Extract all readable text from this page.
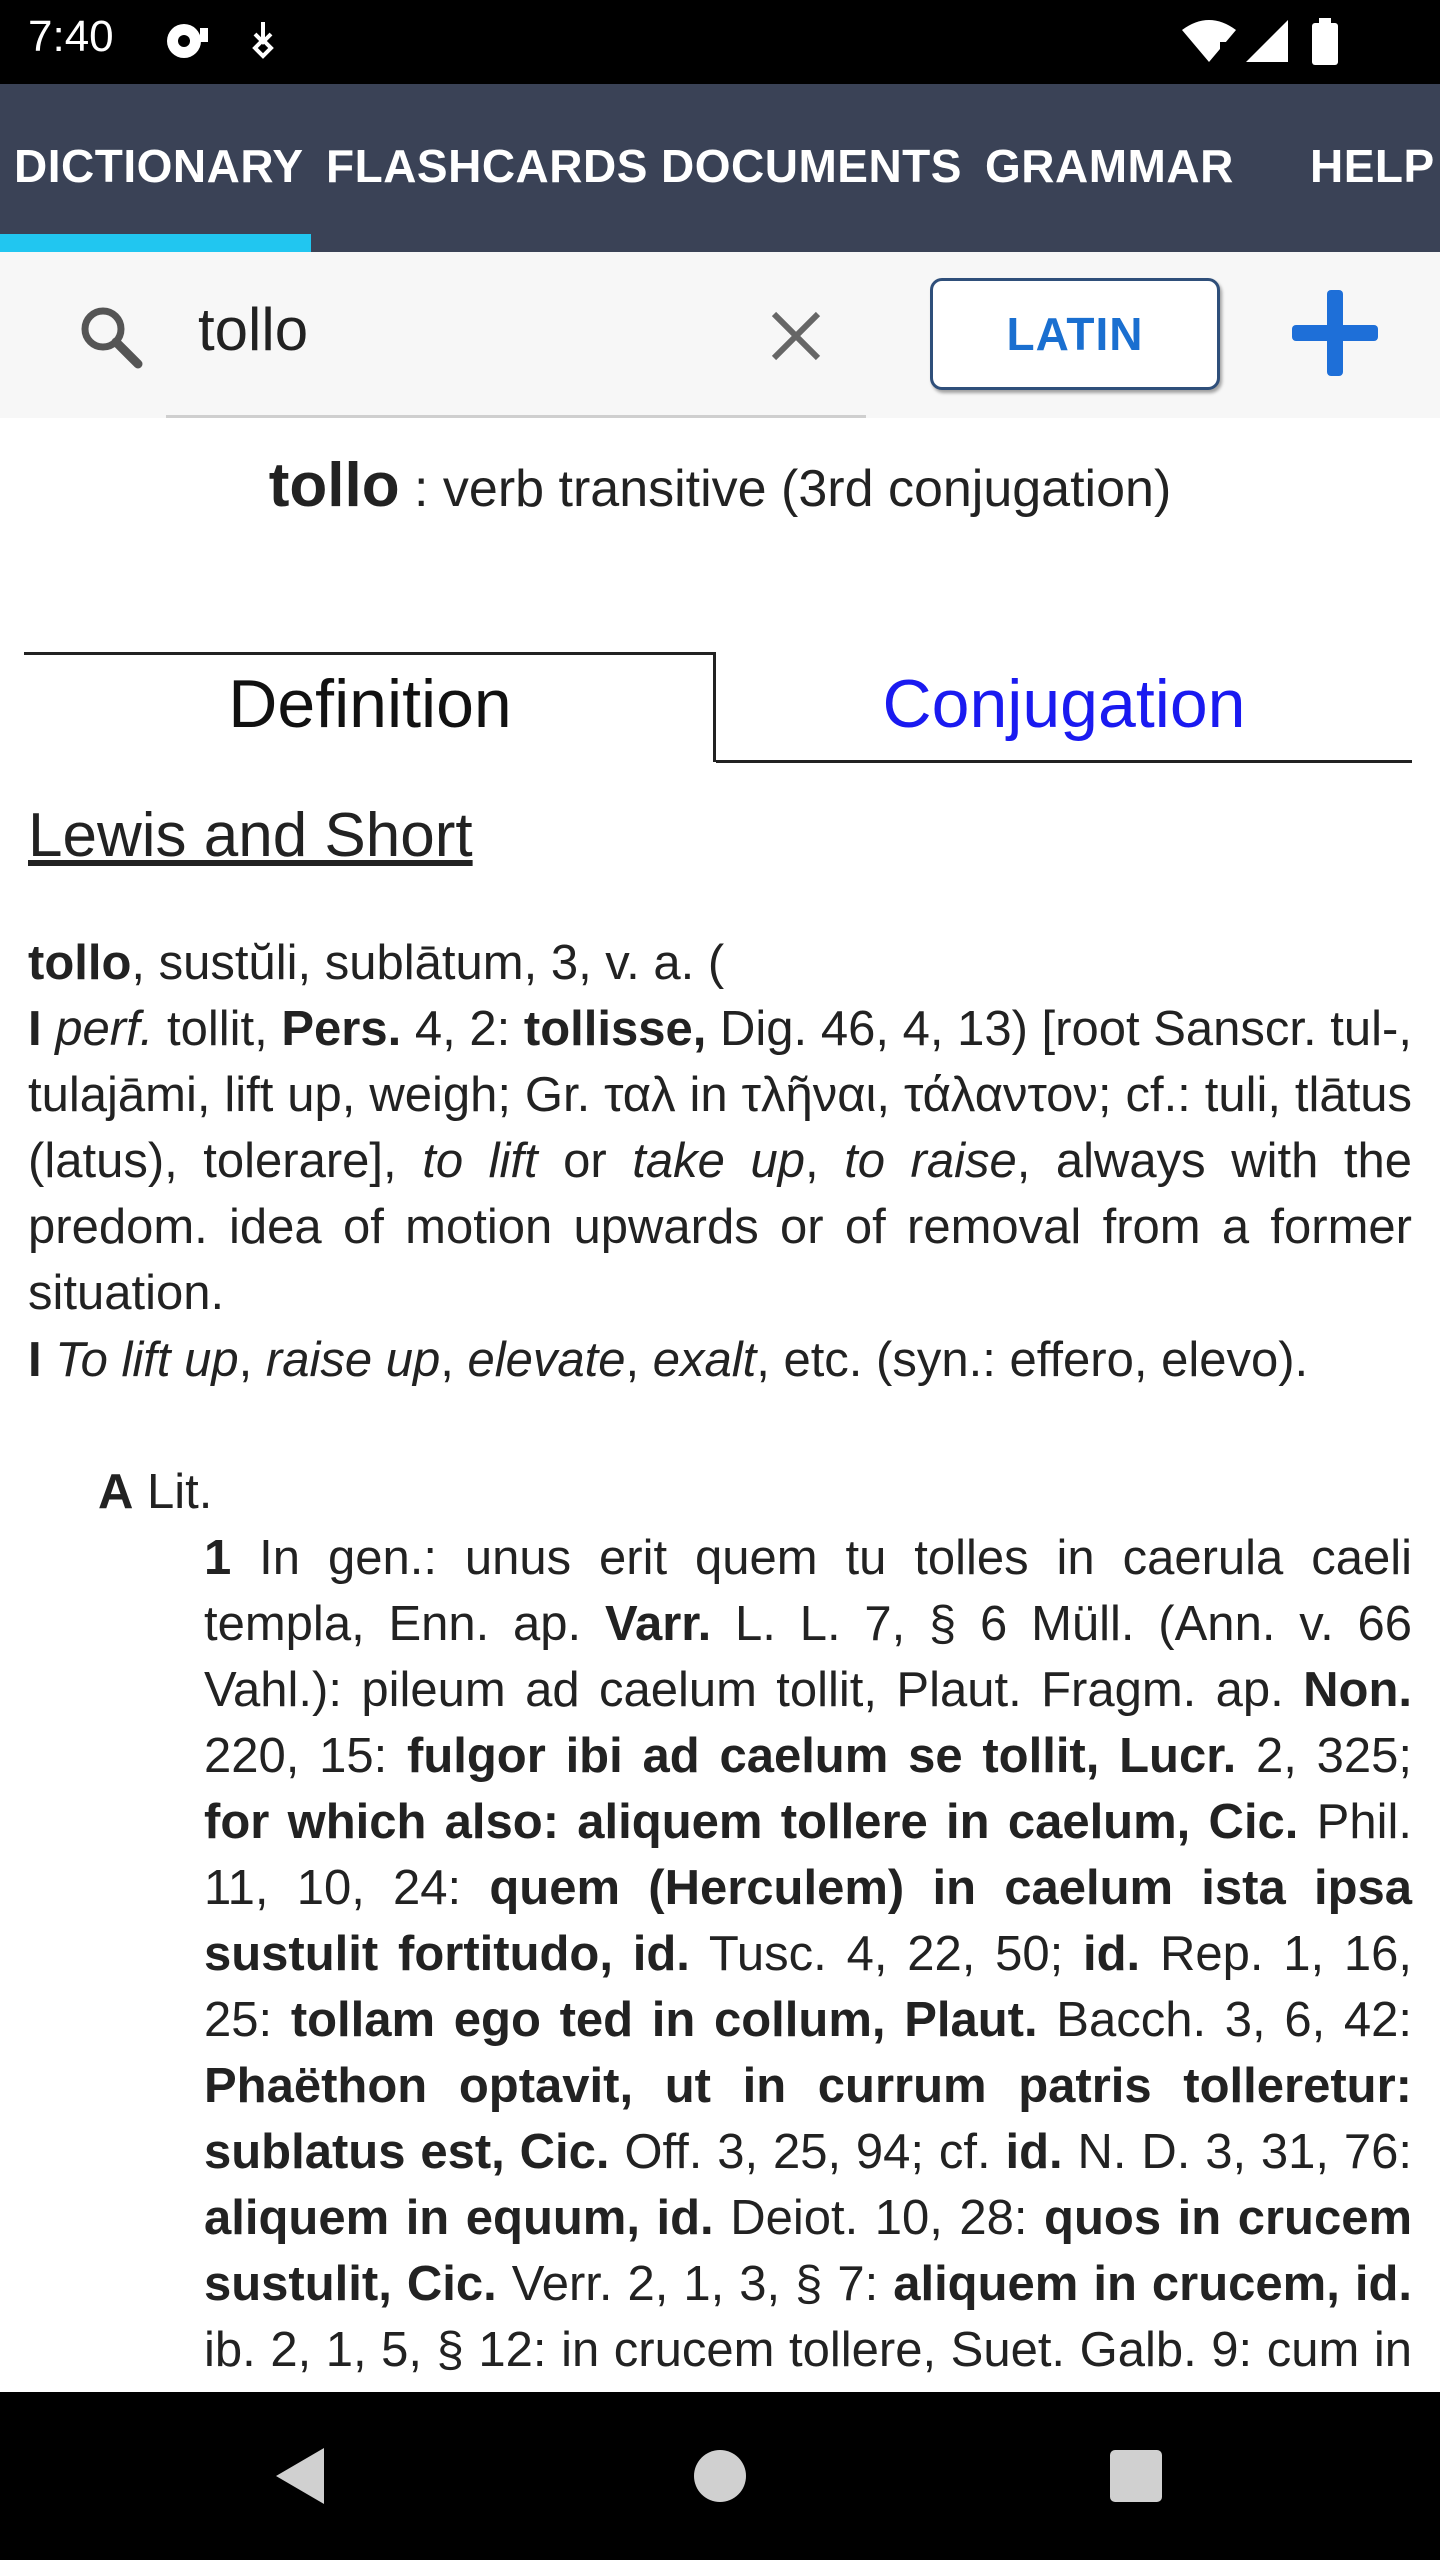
7:40
DICTIONARY FLASHCARDS DOCUMENTS GRAMMAR HELP
tollo
LATIN
tollo : verb transitive (3rd conjugation)
Definition	Conjugation
Lewis and Short
tollo, sustŭli, sublātum, 3, v. a. (
I perf. tollit, Pers. 4, 2: tollisse, Dig. 46, 4, 13) [root Sanscr. tul-, tulajāmi, lift up, weigh; Gr. ταλ in τλῆναι, τάλαντον; cf.: tuli, tlātus (latus), tolerare], to lift or take up, to raise, always with the predom. idea of motion upwards or of removal from a former situation.
I To lift up, raise up, elevate, exalt, etc. (syn.: effero, elevo).
A Lit.
1 In gen.: unus erit quem tu tolles in caerula caeli templa, Enn. ap. Varr. L. L. 7, § 6 Müll. (Ann. v. 66 Vahl.): pileum ad caelum tollit, Plaut. Fragm. ap. Non. 220, 15: fulgor ibi ad caelum se tollit, Lucr. 2, 325; for which also: aliquem tollere in caelum, Cic. Phil. 11, 10, 24: quem (Herculem) in caelum ista ipsa sustulit fortitudo, id. Tusc. 4, 22, 50; id. Rep. 1, 16, 25: tollam ego ted in collum, Plaut. Bacch. 3, 6, 42: Phaëthon optavit, ut in currum patris tolleretur: sublatus est, Cic. Off. 3, 25, 94; cf. id. N. D. 3, 31, 76: aliquem in equum, id. Deiot. 10, 28: quos in crucem sustulit, Cic. Verr. 2, 1, 3, § 7: aliquem in crucem, id. ib. 2, 1, 5, § 12: in crucem tollere, Suet. Galb. 9: cum in
